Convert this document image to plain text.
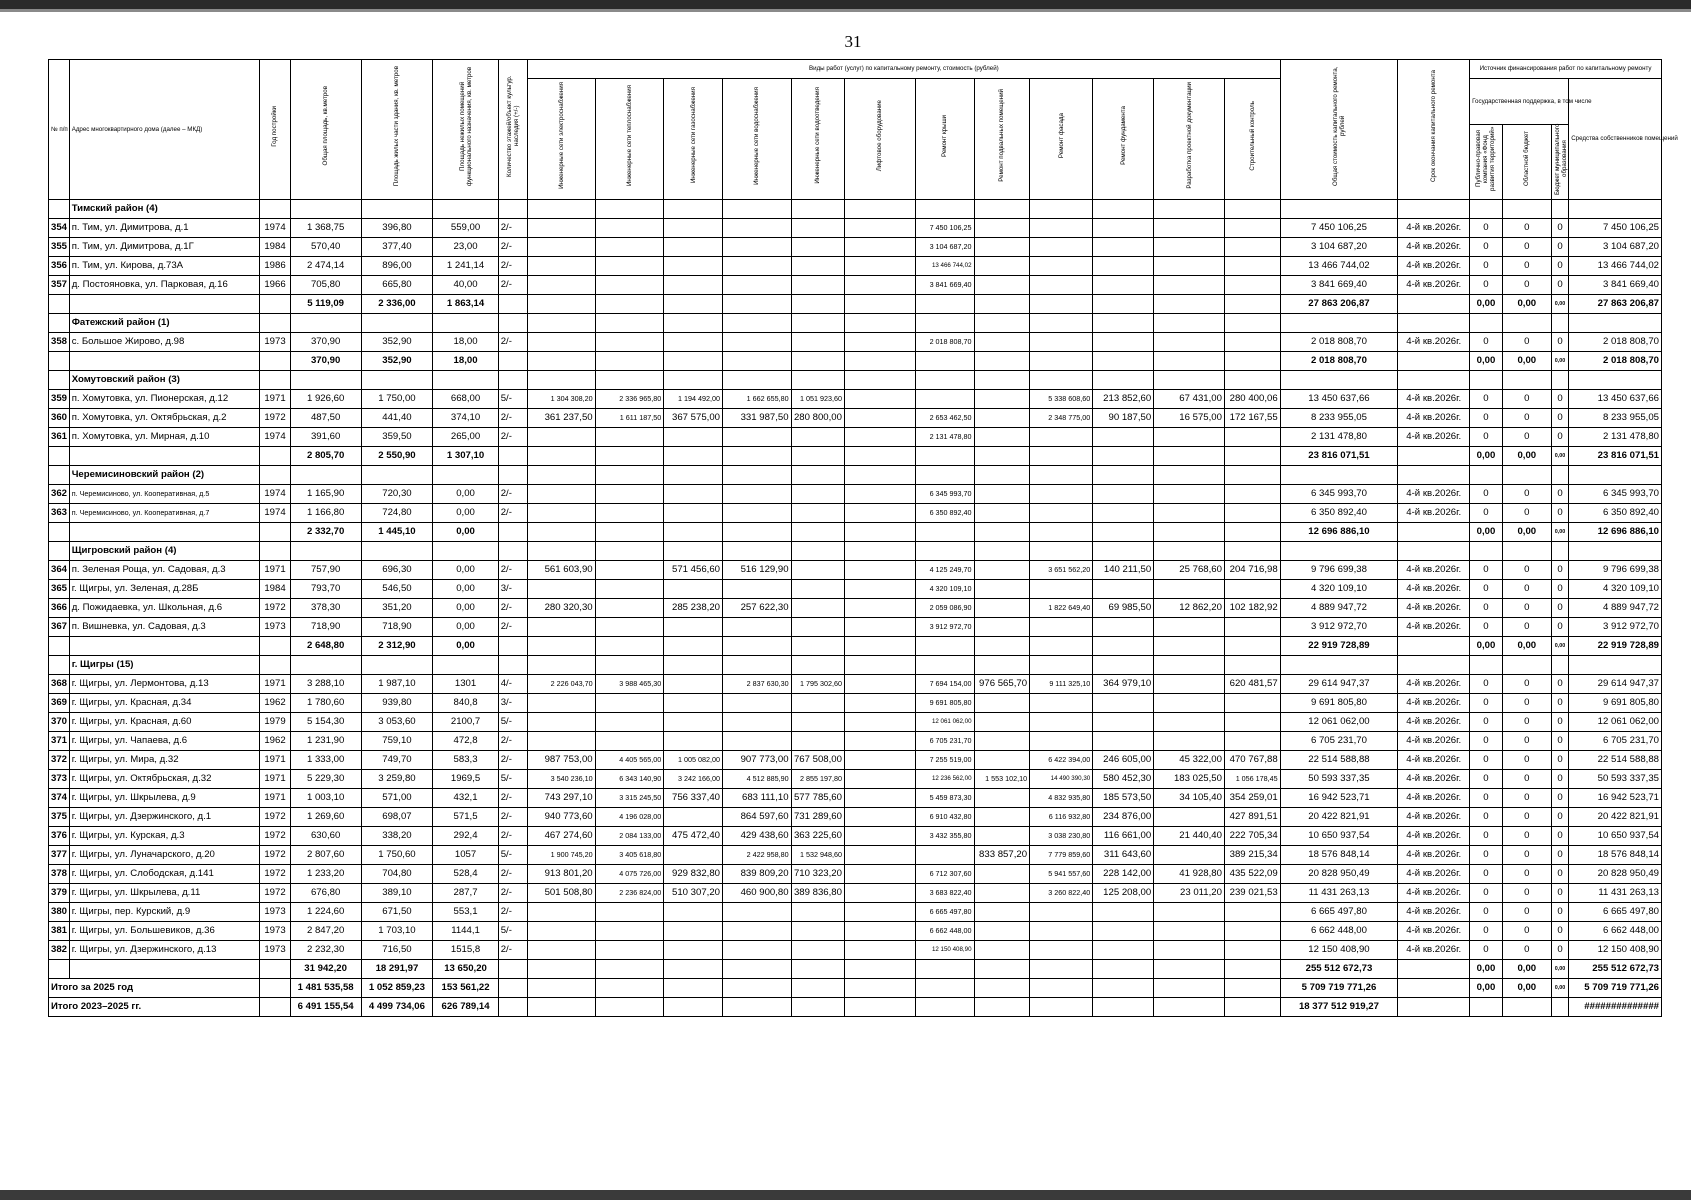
31
№ п/п	Адрес многоквартирного дома (далее – МКД)	Год постройки	Общая площадь, кв.метров	Площадь жилых части здания, кв. метров	Площадь нежилых помещений функционального назначения, кв. метров	Количество этажей/объект культур. наследия (+/-)	Виды работ (услуг) по капитальному ремонту, стоимость (рублей)												Общая стоимость капитального ремонта, рублей	Срок окончания капитального ремонта	Источник финансирования работ по капитальному ремонту			
							Инженерные сети электроснабжения	Инженерные сети теплоснабжения	Инженерные сети газоснабжения	Инженерные сети водоснабжения	Инженерные сети водоотведения	Лифтовое оборудование	Ремонт крыши	Ремонт подвальных помещений	Ремонт фасада	Ремонт фундамента	Разработка проектной документации	Строительный контроль			Государственная поддержка, в том числе			Средства собственников помещений
																					Публично-правовая компания «Фонд развития территорий»	Областной бюджет	Бюджет муниципального образования	
	Тимский район (4)																							
354	п. Тим, ул. Димитрова, д.1	1974	1 368,75	396,80	559,00	2/-							7 450 106,25						7 450 106,25	4-й кв.2026г.	0	0	0	7 450 106,25
355	п. Тим, ул. Димитрова, д.1Г	1984	570,40	377,40	23,00	2/-							3 104 687,20						3 104 687,20	4-й кв.2026г.	0	0	0	3 104 687,20
356	п. Тим, ул. Кирова, д.73А	1986	2 474,14	896,00	1 241,14	2/-							13 466 744,02						13 466 744,02	4-й кв.2026г.	0	0	0	13 466 744,02
357	д. Постояновка, ул. Парковая, д.16	1966	705,80	665,80	40,00	2/-							3 841 669,40						3 841 669,40	4-й кв.2026г.	0	0	0	3 841 669,40
			5 119,09	2 336,00	1 863,14														27 863 206,87		0,00	0,00	0,00	27 863 206,87
	Фатежский район (1)																							
358	с. Большое Жирово, д.98	1973	370,90	352,90	18,00	2/-							2 018 808,70						2 018 808,70	4-й кв.2026г.	0	0	0	2 018 808,70
			370,90	352,90	18,00														2 018 808,70		0,00	0,00	0,00	2 018 808,70
	Хомутовский район (3)																							
359	п. Хомутовка, ул. Пионерская, д.12	1971	1 926,60	1 750,00	668,00	5/-	1 304 308,20	2 336 965,80	1 194 492,00	1 662 655,80	1 051 923,60				5 338 608,60	213 852,60	67 431,00	280 400,06	13 450 637,66	4-й кв.2026г.	0	0	0	13 450 637,66
360	п. Хомутовка, ул. Октябрьская, д.2	1972	487,50	441,40	374,10	2/-	361 237,50	1 611 187,50	367 575,00	331 987,50	280 800,00		2 653 462,50		2 348 775,00	90 187,50	16 575,00	172 167,55	8 233 955,05	4-й кв.2026г.	0	0	0	8 233 955,05
361	п. Хомутовка, ул. Мирная, д.10	1974	391,60	359,50	265,00	2/-							2 131 478,80						2 131 478,80	4-й кв.2026г.	0	0	0	2 131 478,80
			2 805,70	2 550,90	1 307,10														23 816 071,51		0,00	0,00	0,00	23 816 071,51
	Черемисиновский район (2)																							
362	п. Черемисиново, ул. Кооперативная, д.5	1974	1 165,90	720,30	0,00	2/-							6 345 993,70						6 345 993,70	4-й кв.2026г.	0	0	0	6 345 993,70
363	п. Черемисиново, ул. Кооперативная, д.7	1974	1 166,80	724,80	0,00	2/-							6 350 892,40						6 350 892,40	4-й кв.2026г.	0	0	0	6 350 892,40
			2 332,70	1 445,10	0,00														12 696 886,10		0,00	0,00	0,00	12 696 886,10
	Щигровский район (4)																							
364	п. Зеленая Роща, ул. Садовая, д.3	1971	757,90	696,30	0,00	2/-	561 603,90		571 456,60	516 129,90			4 125 249,70		3 651 562,20	140 211,50	25 768,60	204 716,98	9 796 699,38	4-й кв.2026г.	0	0	0	9 796 699,38
365	г. Щигры, ул. Зеленая, д.28Б	1984	793,70	546,50	0,00	3/-							4 320 109,10						4 320 109,10	4-й кв.2026г.	0	0	0	4 320 109,10
366	д. Пожидаевка, ул. Школьная, д.6	1972	378,30	351,20	0,00	2/-	280 320,30		285 238,20	257 622,30			2 059 086,90		1 822 649,40	69 985,50	12 862,20	102 182,92	4 889 947,72	4-й кв.2026г.	0	0	0	4 889 947,72
367	п. Вишневка, ул. Садовая, д.3	1973	718,90	718,90	0,00	2/-							3 912 972,70						3 912 972,70	4-й кв.2026г.	0	0	0	3 912 972,70
			2 648,80	2 312,90	0,00														22 919 728,89		0,00	0,00	0,00	22 919 728,89
	г. Щигры (15)																							
368	г. Щигры, ул. Лермонтова, д.13	1971	3 288,10	1 987,10	1301	4/-	2 226 043,70	3 988 465,30		2 837 630,30	1 795 302,60		7 694 154,00	976 565,70	9 111 325,10	364 979,10		620 481,57	29 614 947,37	4-й кв.2026г.	0	0	0	29 614 947,37
369	г. Щигры, ул. Красная, д.34	1962	1 780,60	939,80	840,8	3/-							9 691 805,80						9 691 805,80	4-й кв.2026г.	0	0	0	9 691 805,80
370	г. Щигры, ул. Красная, д.60	1979	5 154,30	3 053,60	2100,7	5/-							12 061 062,00						12 061 062,00	4-й кв.2026г.	0	0	0	12 061 062,00
371	г. Щигры, ул. Чапаева, д.6	1962	1 231,90	759,10	472,8	2/-							6 705 231,70						6 705 231,70	4-й кв.2026г.	0	0	0	6 705 231,70
372	г. Щигры, ул. Мира, д.32	1971	1 333,00	749,70	583,3	2/-	987 753,00	4 405 565,00	1 005 082,00	907 773,00	767 508,00		7 255 519,00		6 422 394,00	246 605,00	45 322,00	470 767,88	22 514 588,88	4-й кв.2026г.	0	0	0	22 514 588,88
373	г. Щигры, ул. Октябрьская, д.32	1971	5 229,30	3 259,80	1969,5	5/-	3 540 236,10	6 343 140,90	3 242 166,00	4 512 885,90	2 855 197,80		12 236 562,00	1 553 102,10	14 490 390,30	580 452,30	183 025,50	1 056 178,45	50 593 337,35	4-й кв.2026г.	0	0	0	50 593 337,35
374	г. Щигры, ул. Шкрылева, д.9	1971	1 003,10	571,00	432,1	2/-	743 297,10	3 315 245,50	756 337,40	683 111,10	577 785,60		5 459 873,30		4 832 935,80	185 573,50	34 105,40	354 259,01	16 942 523,71	4-й кв.2026г.	0	0	0	16 942 523,71
375	г. Щигры, ул. Дзержинского, д.1	1972	1 269,60	698,07	571,5	2/-	940 773,60	4 196 028,00		864 597,60	731 289,60		6 910 432,80		6 116 932,80	234 876,00		427 891,51	20 422 821,91	4-й кв.2026г.	0	0	0	20 422 821,91
376	г. Щигры, ул. Курская, д.3	1972	630,60	338,20	292,4	2/-	467 274,60	2 084 133,00	475 472,40	429 438,60	363 225,60		3 432 355,80		3 038 230,80	116 661,00	21 440,40	222 705,34	10 650 937,54	4-й кв.2026г.	0	0	0	10 650 937,54
377	г. Щигры, ул. Луначарского, д.20	1972	2 807,60	1 750,60	1057	5/-	1 900 745,20	3 405 618,80		2 422 958,80	1 532 948,60			833 857,20	7 779 859,60	311 643,60		389 215,34	18 576 848,14	4-й кв.2026г.	0	0	0	18 576 848,14
378	г. Щигры, ул. Слободская, д.141	1972	1 233,20	704,80	528,4	2/-	913 801,20	4 075 726,00	929 832,80	839 809,20	710 323,20		6 712 307,60		5 941 557,60	228 142,00	41 928,80	435 522,09	20 828 950,49	4-й кв.2026г.	0	0	0	20 828 950,49
379	г. Щигры, ул. Шкрылева, д.11	1972	676,80	389,10	287,7	2/-	501 508,80	2 236 824,00	510 307,20	460 900,80	389 836,80		3 683 822,40		3 260 822,40	125 208,00	23 011,20	239 021,53	11 431 263,13	4-й кв.2026г.	0	0	0	11 431 263,13
380	г. Щигры, пер. Курский, д.9	1973	1 224,60	671,50	553,1	2/-							6 665 497,80						6 665 497,80	4-й кв.2026г.	0	0	0	6 665 497,80
381	г. Щигры, ул. Большевиков, д.36	1973	2 847,20	1 703,10	1144,1	5/-							6 662 448,00						6 662 448,00	4-й кв.2026г.	0	0	0	6 662 448,00
382	г. Щигры, ул. Дзержинского, д.13	1973	2 232,30	716,50	1515,8	2/-							12 150 408,90						12 150 408,90	4-й кв.2026г.	0	0	0	12 150 408,90
			31 942,20	18 291,97	13 650,20														255 512 672,73		0,00	0,00	0,00	255 512 672,73
Итого за 2025 год			1 481 535,58	1 052 859,23	153 561,22														5 709 719 771,26		0,00	0,00	0,00	5 709 719 771,26
Итого 2023–2025 гг.			6 491 155,54	4 499 734,06	626 789,14														18 377 512 919,27					##############
